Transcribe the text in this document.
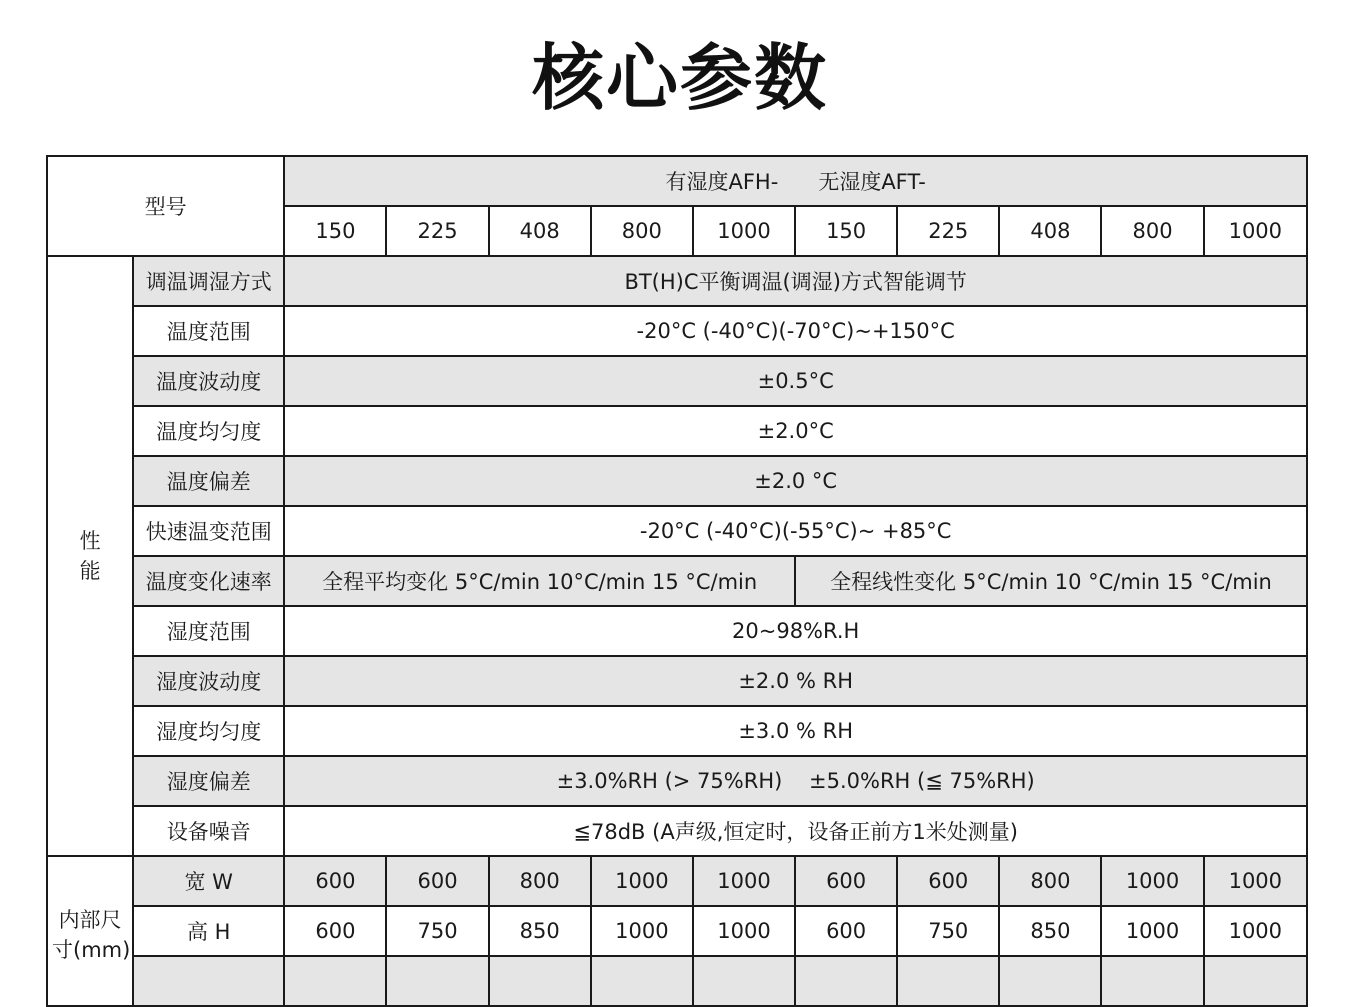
核心参数
型号		有湿度AFH-      无湿度AFT-									
		150	225	408	800	1000	150	225	408	800	1000

性
能	调温调湿方式	BT(H)C平衡调温(调湿)方式智能调节									
	温度范围	-20°C (-40°C)(-70°C)~+150°C									
	温度波动度	±0.5°C									
	温度均匀度	±2.0°C									
	温度偏差	±2.0 °C									
	快速温变范围	-20°C (-40°C)(-55°C)~ +85°C									
	温度变化速率	全程平均变化 5°C/min 10°C/min 15 °C/min					全程线性变化 5°C/min 10 °C/min 15 °C/min				
	湿度范围	20~98%R.H									
	湿度波动度	±2.0 % RH									
	湿度均匀度	±3.0 % RH									
	湿度偏差	±3.0%RH (> 75%RH)    ±5.0%RH (≦ 75%RH)									
	设备噪音	≦78dB (A声级,恒定时，设备正前方1米处测量)									

内部尺
寸(mm)	宽 W	600	600	800	1000	1000	600	600	800	1000	1000
	高 H	600	750	850	1000	1000	600	750	850	1000	1000
